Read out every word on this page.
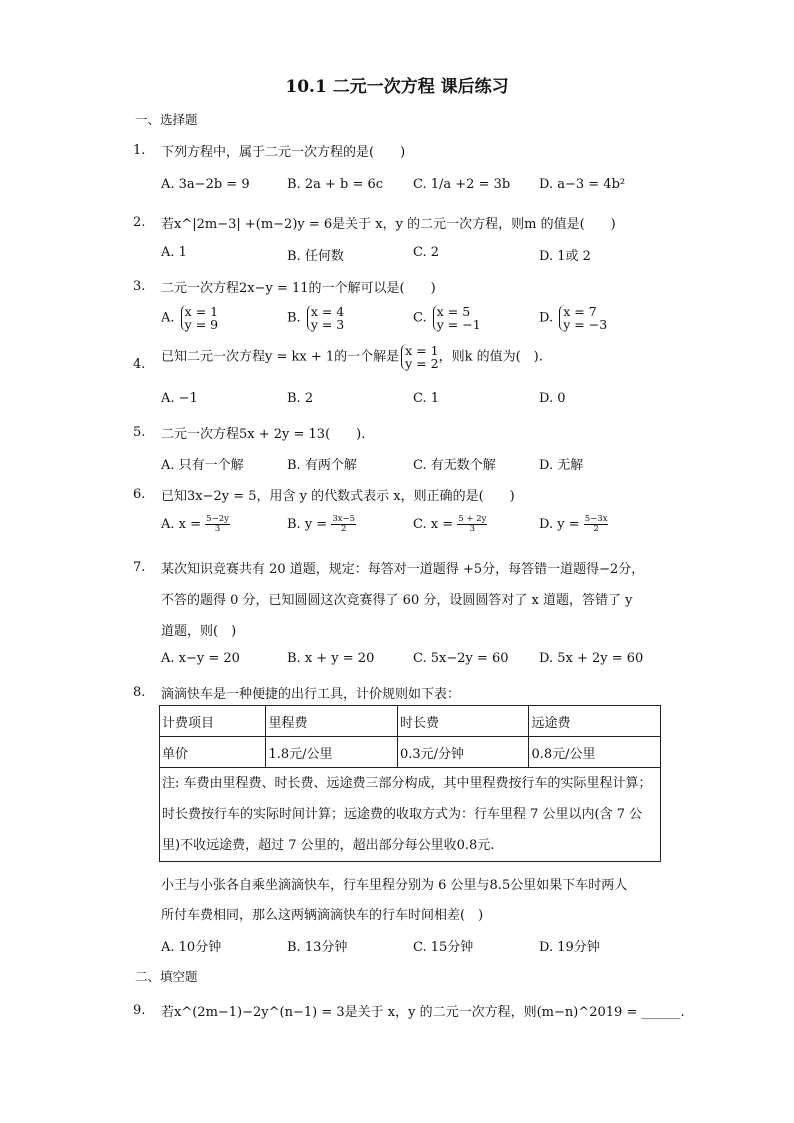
10.1 二元一次方程 课后练习
一、选择题
1.	下列方程中，属于二元一次方程的是(　　)
A. 3a−2b = 9	B. 2a + b = 6c C. 1/a +2 = 3b D. a−3 = 4b²
2.	若x^|2m−3| +(m−2)y = 6是关于 x，y 的二元一次方程，则m 的值是(　　)
A. 1	B. 任何数	C. 2	D. 1或 2
3.	二元一次方程2x−y = 11的一个解可以是(　　)
A. x = 1
y = 9	B. x = 4
y = 3	C. x = 5
y = −1	D. x = 7
y = −3
4.	已知二元一次方程y = kx + 1的一个解是 x = 1
y = 2，则k 的值为(　).
A. −1	B. 2	C. 1	D. 0
5.	二元一次方程5x + 2y = 13(　　).
A. 只有一个解	B. 有两个解	C. 有无数个解	D. 无解
6.	已知3x−2y = 5，用含 y 的代数式表示 x，则正确的是(　　)
A. $x = \frac{5-2y}{3}$	B. $y = \frac{3x-5}{2}$	C. $x = \frac{5 + 2y}{3}$	D. $y = \frac{5-3x}{2}$
7.	某次知识竞赛共有 20 道题，规定：每答对一道题得 +5分，每答错一道题得−2分，
不答的题得 0 分，已知圆圆这次竞赛得了 60 分，设圆圆答对了 x 道题，答错了 y
道题，则(　)
A. x−y = 20	B. x + y = 20	C. 5x−2y = 60 D. 5x + 2y = 60
8.	滴滴快车是一种便捷的出行工具，计价规则如下表：
计费项目	里程费	时长费	远途费
单价	1.8元/公里	0.3元/分钟	0.8元/公里
注: 车费由里程费、时长费、远途费三部分构成，其中里程费按行车的实际里程计算；时长费按行车的实际时间计算；远途费的收取方式为：行车里程 7 公里以内(含 7 公里)不收远途费，超过 7 公里的，超出部分每公里收0.8元.			
小王与小张各自乘坐滴滴快车，行车里程分别为 6 公里与8.5公里如果下车时两人
所付车费相同，那么这两辆滴滴快车的行车时间相差(　)
A. 10分钟	B. 13分钟	C. 15分钟	D. 19分钟
二、填空题
9.	若x^(2m−1)−2y^(n−1) = 3是关于 x，y 的二元一次方程，则(m−n)^2019 = ______.
